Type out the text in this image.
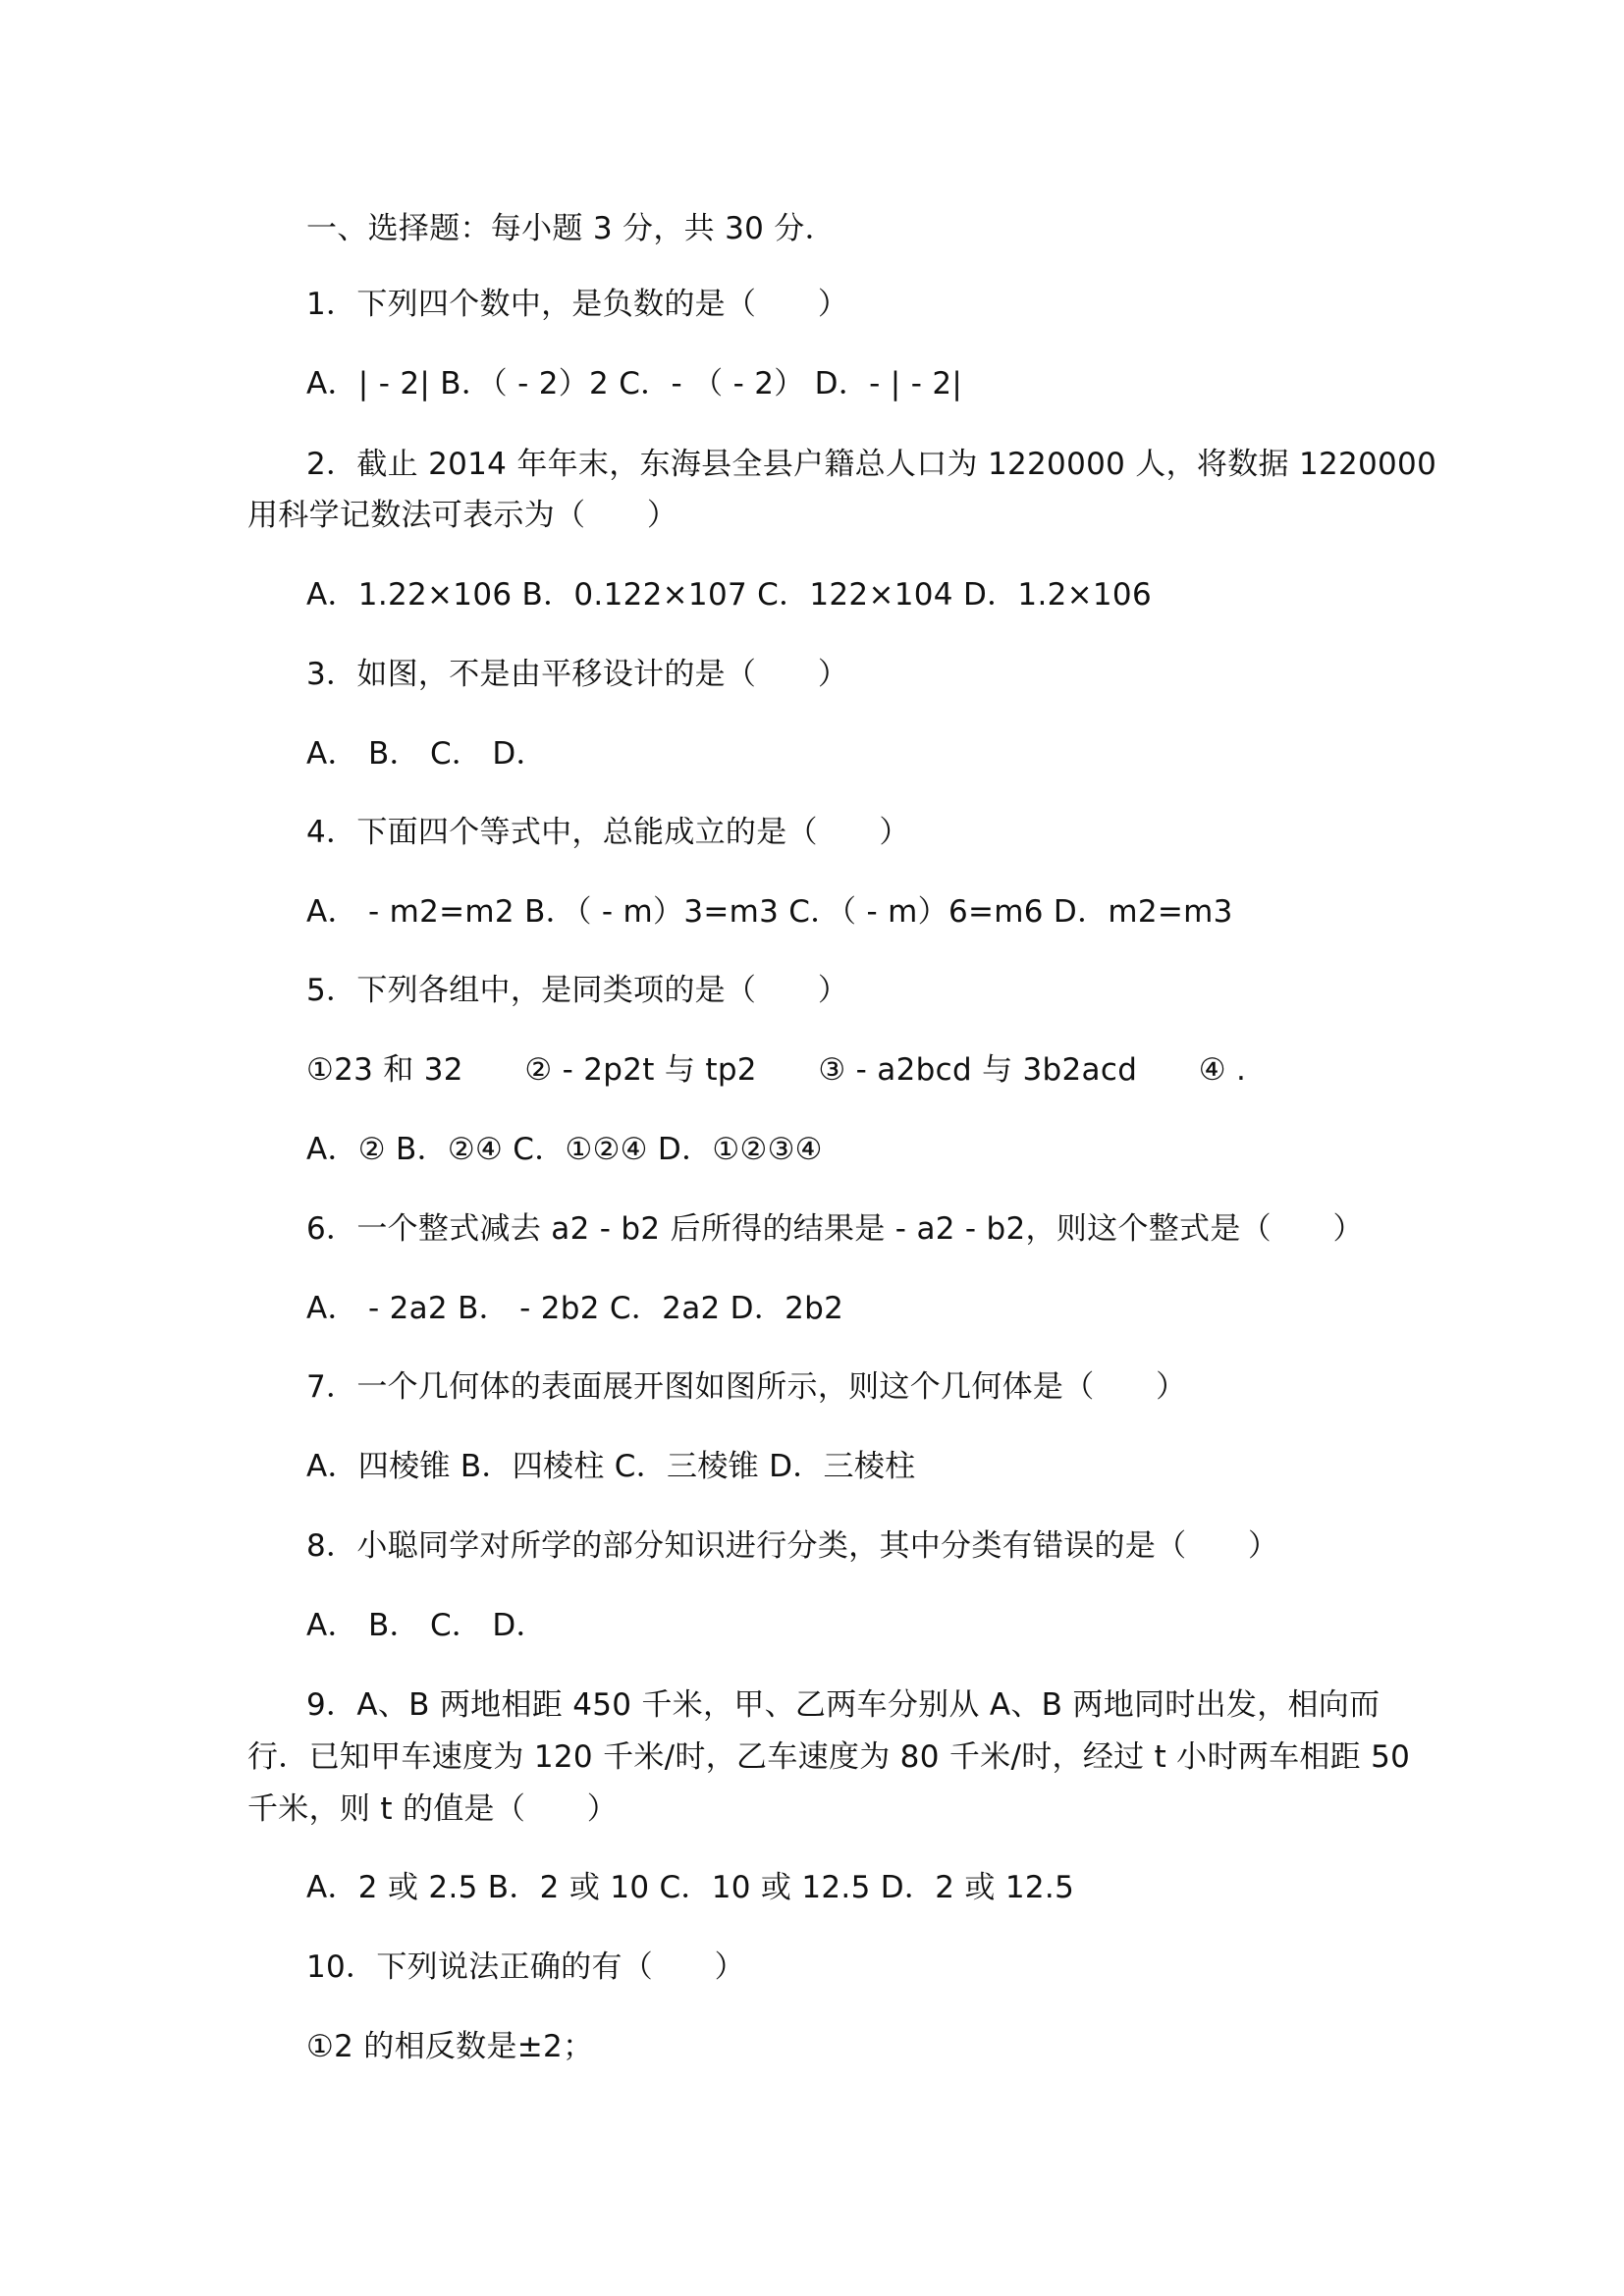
一、选择题：每小题 3 分，共 30 分．
1．下列四个数中，是负数的是（　　）
A．| - 2| B．（ - 2）2 C．- （ - 2） D．- | - 2|
2．截止 2014 年年末，东海县全县户籍总人口为 1220000 人，将数据 1220000
用科学记数法可表示为（　　）
A．1.22×106 B．0.122×107 C．122×104 D．1.2×106
3．如图，不是由平移设计的是（　　）
A． B． C． D．
4．下面四个等式中，总能成立的是（　　）
A． - m2=m2 B．（ - m）3=m3 C．（ - m）6=m6 D．m2=m3
5．下列各组中，是同类项的是（　　）
①23 和 32　　② - 2p2t 与 tp2　　③ - a2bcd 与 3b2acd　　④ .
A．② B．②④ C．①②④ D．①②③④
6．一个整式减去 a2 - b2 后所得的结果是 - a2 - b2，则这个整式是（　　）
A． - 2a2 B． - 2b2 C．2a2 D．2b2
7．一个几何体的表面展开图如图所示，则这个几何体是（　　）
A．四棱锥 B．四棱柱 C．三棱锥 D．三棱柱
8．小聪同学对所学的部分知识进行分类，其中分类有错误的是（　　）
A． B． C． D．
9．A、B 两地相距 450 千米，甲、乙两车分别从 A、B 两地同时出发，相向而
行．已知甲车速度为 120 千米/时，乙车速度为 80 千米/时，经过 t 小时两车相距 50
千米，则 t 的值是（　　）
A．2 或 2.5 B．2 或 10 C．10 或 12.5 D．2 或 12.5
10．下列说法正确的有（　　）
①2 的相反数是±2；
